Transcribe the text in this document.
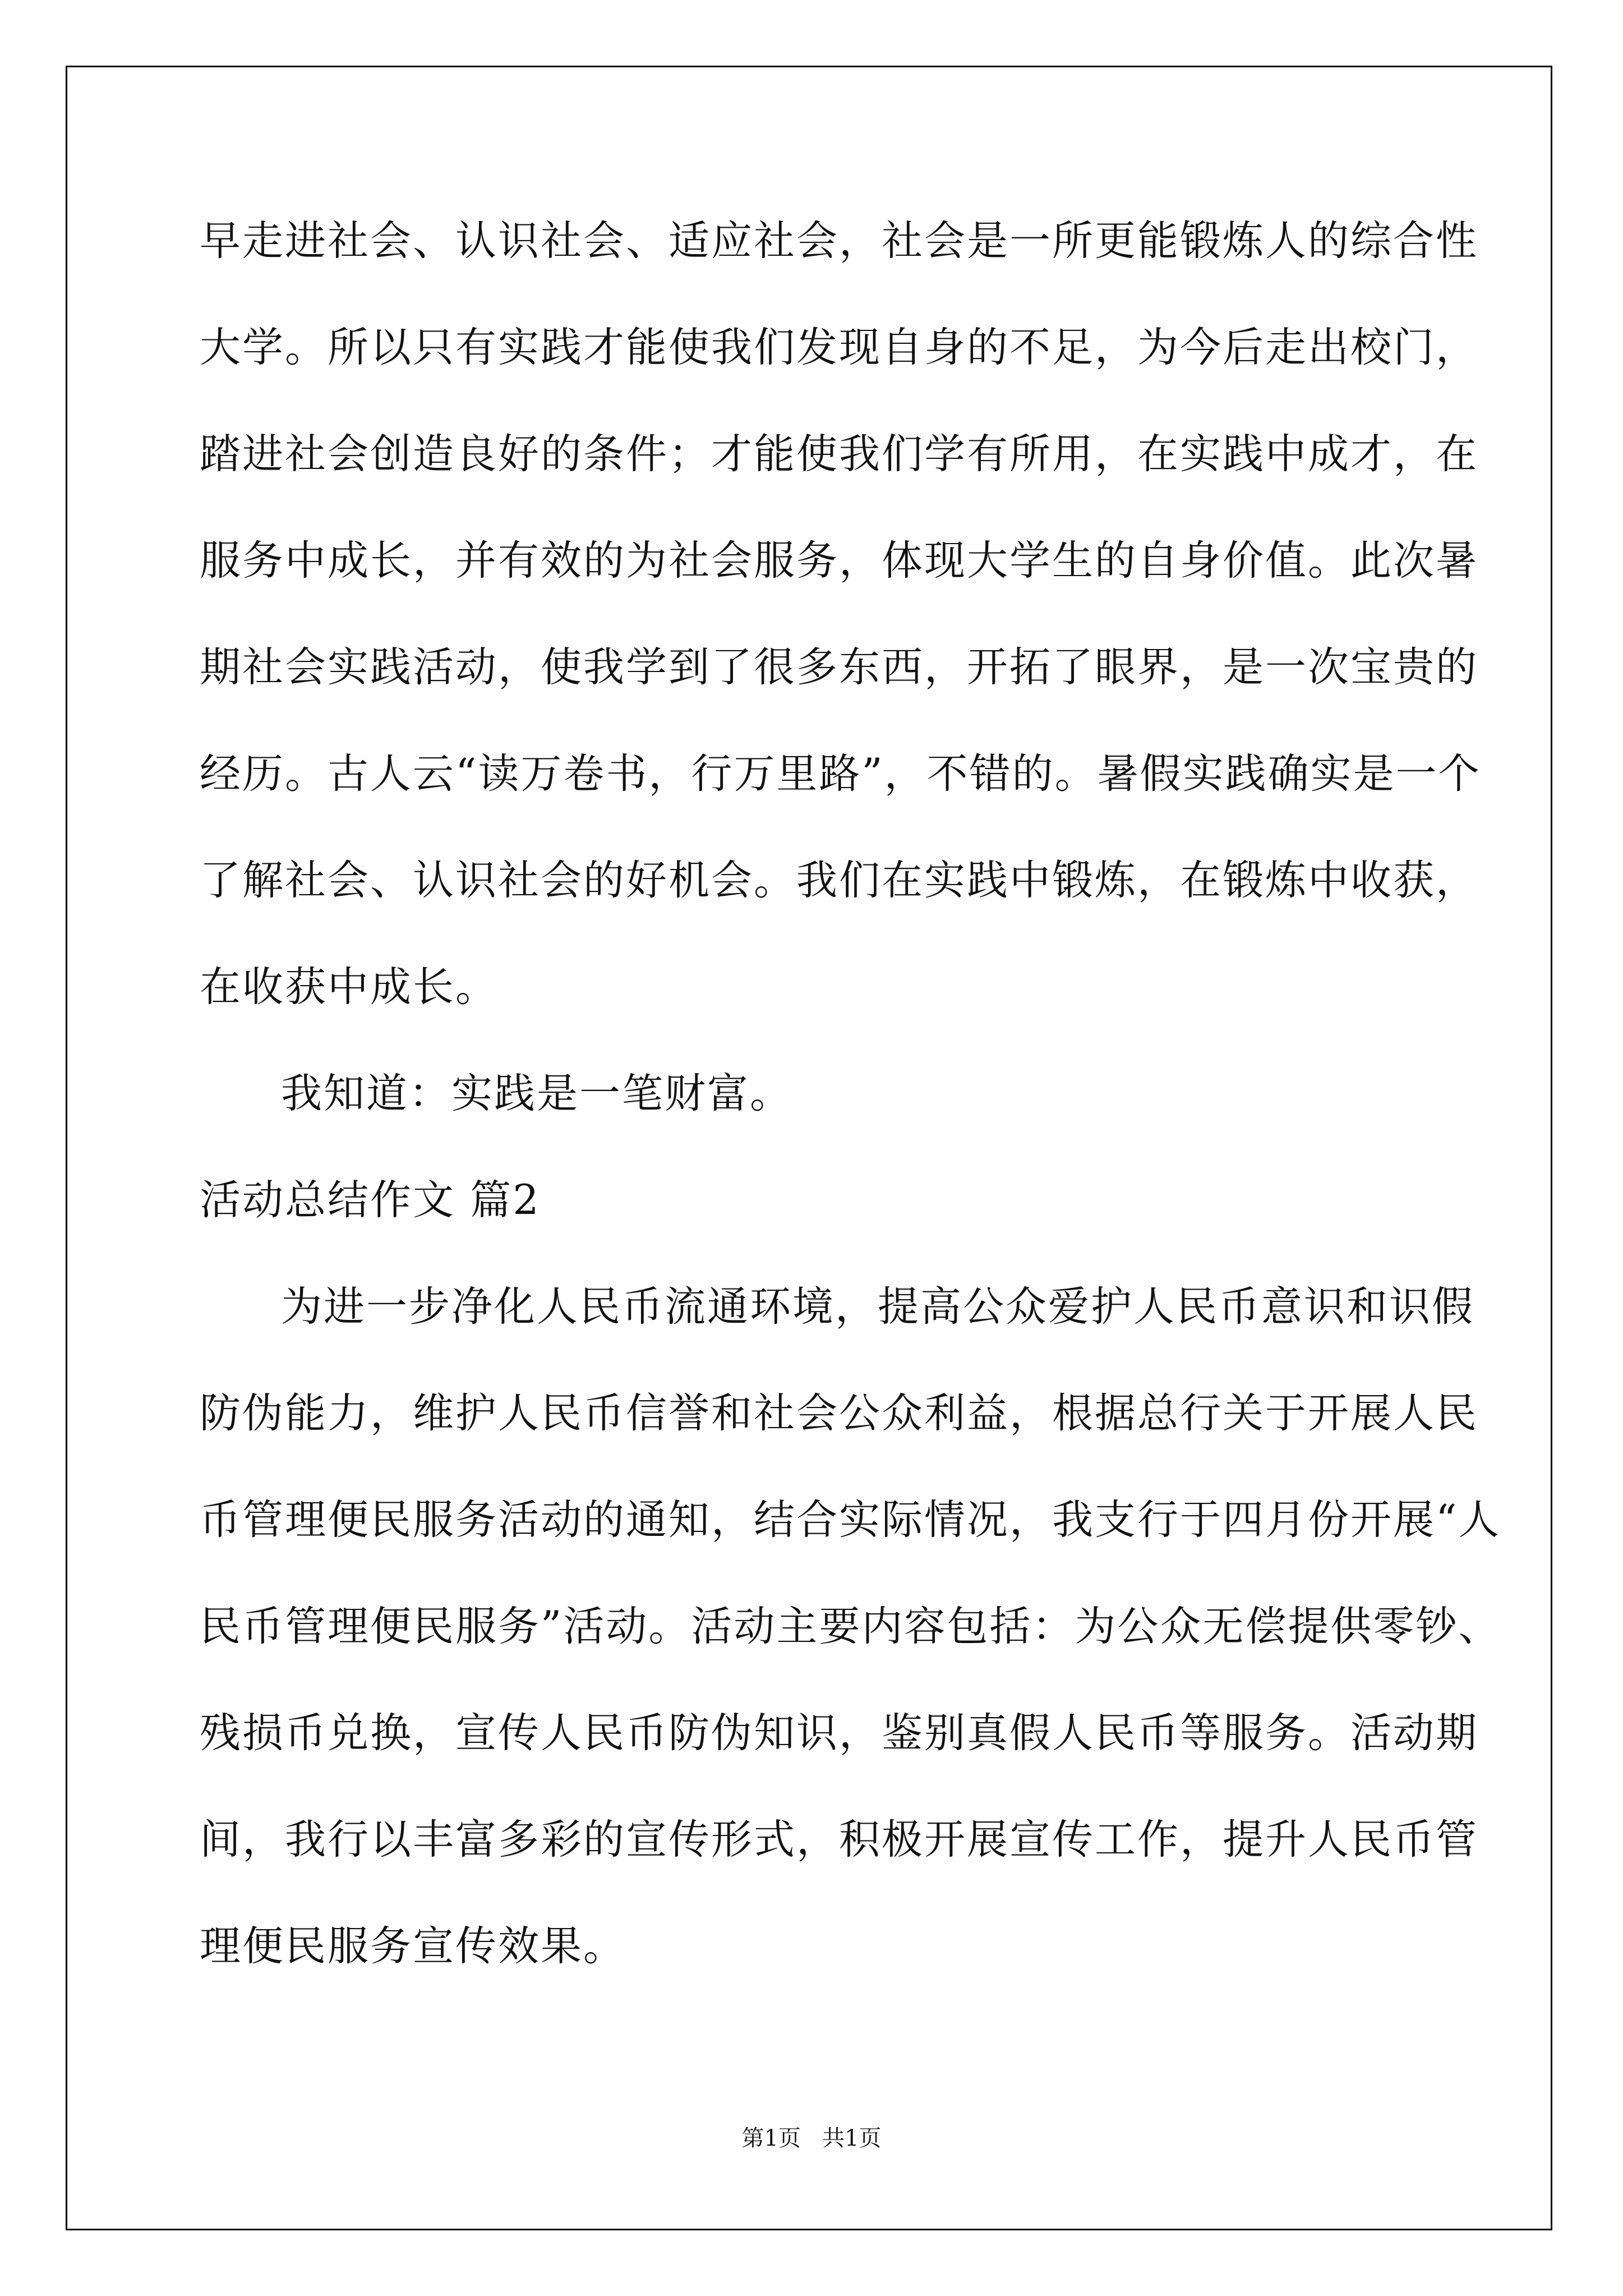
早走进社会、认识社会、适应社会，社会是一所更能锻炼人的综合性
大学。所以只有实践才能使我们发现自身的不足，为今后走出校门，
踏进社会创造良好的条件；才能使我们学有所用，在实践中成才，在
服务中成长，并有效的为社会服务，体现大学生的自身价值。此次暑
期社会实践活动，使我学到了很多东西，开拓了眼界，是一次宝贵的
经历。古人云“读万卷书，行万里路”，不错的。暑假实践确实是一个
了解社会、认识社会的好机会。我们在实践中锻炼，在锻炼中收获，
在收获中成长。
我知道：实践是一笔财富。
活动总结作文 篇2
为进一步净化人民币流通环境，提高公众爱护人民币意识和识假
防伪能力，维护人民币信誉和社会公众利益，根据总行关于开展人民
币管理便民服务活动的通知，结合实际情况，我支行于四月份开展“人
民币管理便民服务”活动。活动主要内容包括：为公众无偿提供零钞、
残损币兑换，宣传人民币防伪知识，鉴别真假人民币等服务。活动期
间，我行以丰富多彩的宣传形式，积极开展宣传工作，提升人民币管
理便民服务宣传效果。
第1页   共1页
